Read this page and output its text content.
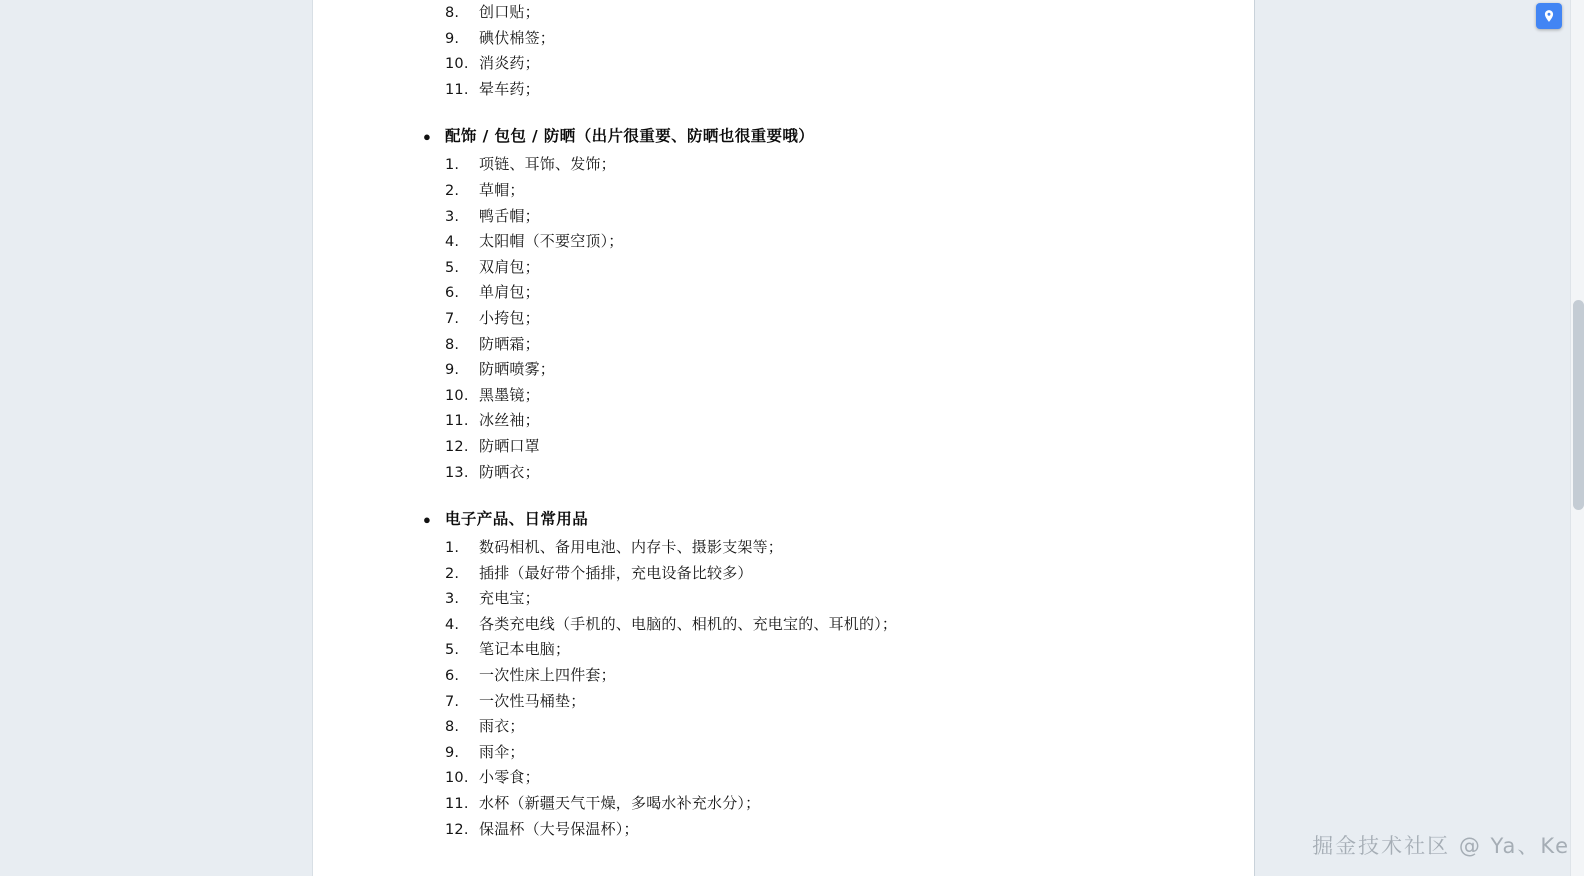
8.	创口贴；
9.	碘伏棉签；
10. 消炎药；
11. 晕车药；
● 配饰 / 包包 / 防晒（出片很重要、防晒也很重要哦）
1.	项链、耳饰、发饰；
2.	草帽；
3.	鸭舌帽；
4.	太阳帽（不要空顶）；
5.	双肩包；
6.	单肩包；
7.	小挎包；
8.	防晒霜；
9.	防晒喷雾；
10. 黑墨镜；
11. 冰丝袖；
12. 防晒口罩
13. 防晒衣；
● 电子产品、日常用品
1.	数码相机、备用电池、内存卡、摄影支架等；
2.	插排（最好带个插排，充电设备比较多）
3.	充电宝；
4.	各类充电线（手机的、电脑的、相机的、充电宝的、耳机的）；
5.	笔记本电脑；
6.	一次性床上四件套；
7.	一次性马桶垫；
8.	雨衣；
9.	雨伞；
10. 小零食；
11. 水杯（新疆天气干燥，多喝水补充水分）；
12. 保温杯（大号保温杯）；
掘金技术社区 @ Ya、Ke
